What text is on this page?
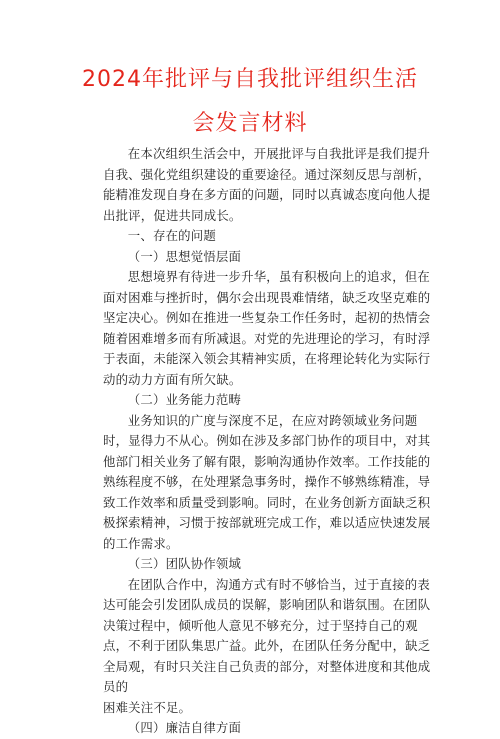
2024年批评与自我批评组织生活
会发言材料

在本次组织生活会中，开展批评与自我批评是我们提升自我、强化党组织建设的重要途径。通过深刻反思与剖析，能精准发现自身在多方面的问题，同时以真诚态度向他人提出批评，促进共同成长。

一、存在的问题

（一）思想觉悟层面

思想境界有待进一步升华，虽有积极向上的追求，但在面对困难与挫折时，偶尔会出现畏难情绪，缺乏攻坚克难的坚定决心。例如在推进一些复杂工作任务时，起初的热情会随着困难增多而有所减退。对党的先进理论的学习，有时浮于表面，未能深入领会其精神实质，在将理论转化为实际行动的动力方面有所欠缺。

（二）业务能力范畴

业务知识的广度与深度不足，在应对跨领域业务问题时，显得力不从心。例如在涉及多部门协作的项目中，对其他部门相关业务了解有限，影响沟通协作效率。工作技能的熟练程度不够，在处理紧急事务时，操作不够熟练精准，导致工作效率和质量受到影响。同时，在业务创新方面缺乏积极探索精神，习惯于按部就班完成工作，难以适应快速发展的工作需求。

（三）团队协作领域

在团队合作中，沟通方式有时不够恰当，过于直接的表达可能会引发团队成员的误解，影响团队和谐氛围。在团队决策过程中，倾听他人意见不够充分，过于坚持自己的观点，不利于团队集思广益。此外，在团队任务分配中，缺乏全局观，有时只关注自己负责的部分，对整体进度和其他成员的

困难关注不足。

（四）廉洁自律方面
